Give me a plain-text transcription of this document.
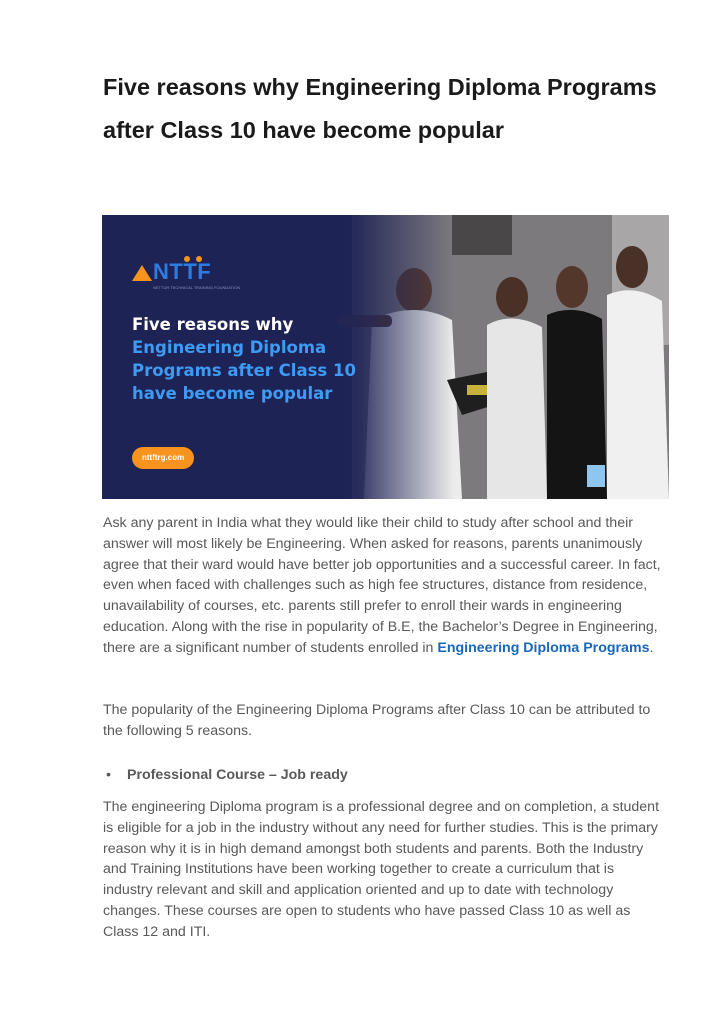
Five reasons why Engineering Diploma Programs after Class 10 have become popular
NTTF
NETTUR TECHNICAL TRAINING FOUNDATION
Five reasons why
Engineering Diploma
Programs after Class 10
have become popular
nttftrg.com

Ask any parent in India what they would like their child to study after school and their answer will most likely be Engineering. When asked for reasons, parents unanimously agree that their ward would have better job opportunities and a successful career. In fact, even when faced with challenges such as high fee structures, distance from residence, unavailability of courses, etc. parents still prefer to enroll their wards in engineering education. Along with the rise in popularity of B.E, the Bachelor’s Degree in Engineering, there are a significant number of students enrolled in Engineering Diploma Programs.

The popularity of the Engineering Diploma Programs after Class 10 can be attributed to the following 5 reasons.

• Professional Course – Job ready

The engineering Diploma program is a professional degree and on completion, a student is eligible for a job in the industry without any need for further studies. This is the primary reason why it is in high demand amongst both students and parents. Both the Industry and Training Institutions have been working together to create a curriculum that is industry relevant and skill and application oriented and up to date with technology changes. These courses are open to students who have passed Class 10 as well as Class 12 and ITI.
